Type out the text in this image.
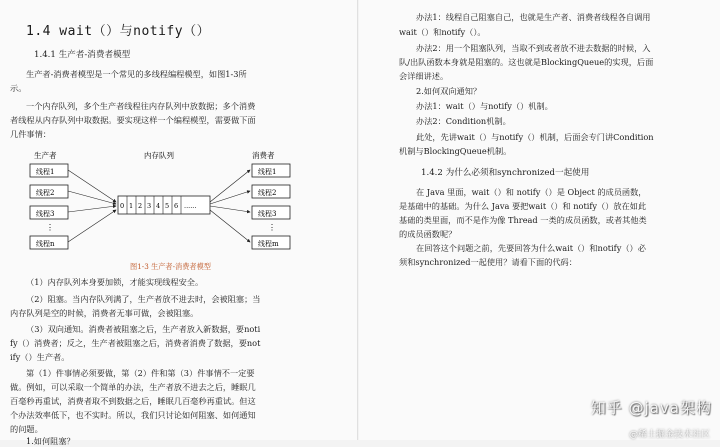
1.4 wait（）与notify（）
1.4.1 生产者-消费者模型
生产者-消费者模型是一个常见的多线程编程模型，如图1-3所
示。
一个内存队列，多个生产者线程往内存队列中放数据；多个消费
者线程从内存队列中取数据。要实现这样一个编程模型，需要做下面
几件事情：
生产者	内存队列	消费者
线程1
线程2
线程3
⋮
线程n
0 1 2 3 4 5 6 ......
线程1
线程2
线程3
⋮
线程m
图1-3 生产者-消费者模型
（1）内存队列本身要加锁，才能实现线程安全。
（2）阻塞。当内存队列满了，生产者放不进去时，会被阻塞；当
内存队列是空的时候，消费者无事可做，会被阻塞。
（3）双向通知。消费者被阻塞之后，生产者放入新数据，要noti
fy（）消费者；反之，生产者被阻塞之后，消费者消费了数据，要not
ify（）生产者。
第（1）件事情必须要做，第（2）件和第（3）件事情不一定要
做。例如，可以采取一个简单的办法，生产者放不进去之后，睡眠几
百毫秒再重试，消费者取不到数据之后，睡眠几百毫秒再重试。但这
个办法效率低下，也不实时。所以，我们只讨论如何阻塞、如何通知
的问题。
1.如何阻塞？
办法1：线程自己阻塞自己，也就是生产者、消费者线程各自调用
wait（）和notify（）。
办法2：用一个阻塞队列，当取不到或者放不进去数据的时候，入
队/出队函数本身就是阻塞的。这也就是BlockingQueue的实现，后面
会详细讲述。
2.如何双向通知？
办法1：wait（）与notify（）机制。
办法2：Condition机制。
此处，先讲wait（）与notify（）机制，后面会专门讲Condition
机制与BlockingQueue机制。
1.4.2 为什么必须和synchronized一起使用
在 Java 里面，wait（）和 notify（）是 Object 的成员函数，
是基础中的基础。为什么 Java 要把wait（）和 notify（）放在如此
基础的类里面，而不是作为像 Thread 一类的成员函数，或者其他类
的成员函数呢？
在回答这个问题之前，先要回答为什么wait（）和notify（）必
须和synchronized一起使用？请看下面的代码：
知乎 @java架构
@稀土掘金技术社区
